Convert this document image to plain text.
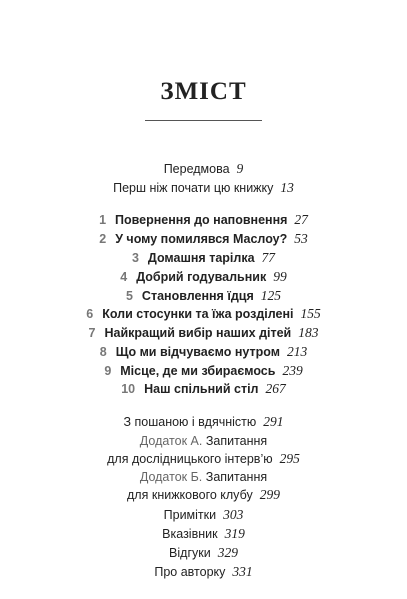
ЗМІСТ
Передмова 9
Перш ніж почати цю книжку 13
1 Повернення до наповнення 27
2 У чому помилявся Маслоу? 53
3 Домашня тарілка 77
4 Добрий годувальник 99
5 Становлення їдця 125
6 Коли стосунки та їжа розділені 155
7 Найкращий вибір наших дітей 183
8 Що ми відчуваємо нутром 213
9 Місце, де ми збираємось 239
10 Наш спільний стіл 267
З пошаною і вдячністю 291
Додаток А. Запитання
для дослідницького інтерв’ю 295
Додаток Б. Запитання
для книжкового клубу 299
Примітки 303
Вказівник 319
Відгуки 329
Про авторку 331
